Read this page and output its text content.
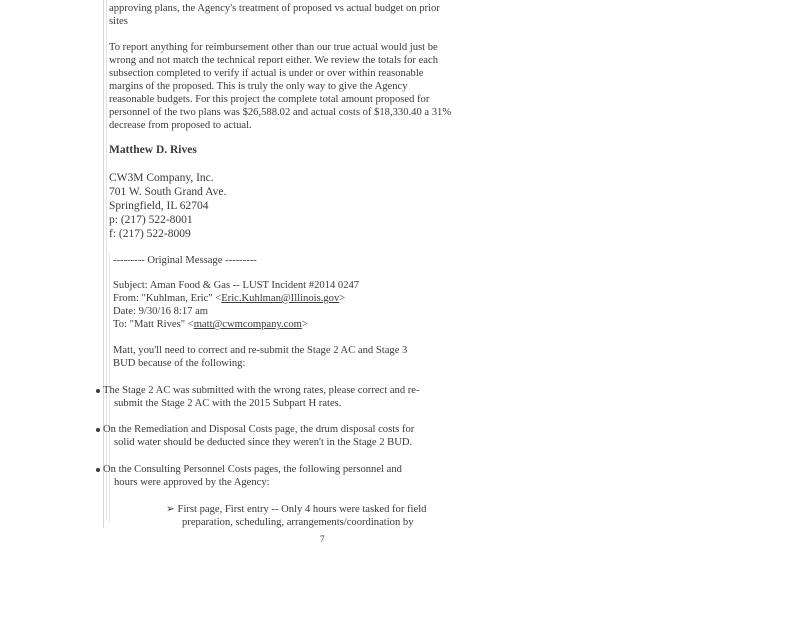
approving plans, the Agency's treatment of proposed vs actual budget on prior
sites
To report anything for reimbursement other than our true actual would just be
wrong and not match the technical report either. We review the totals for each
subsection completed to verify if actual is under or over within reasonable
margins of the proposed. This is truly the only way to give the Agency
reasonable budgets. For this project the complete total amount proposed for
personnel of the two plans was $26,588.02 and actual costs of $18,330.40 a 31%
decrease from proposed to actual.
Matthew D. Rives
CW3M Company, Inc.
701 W. South Grand Ave.
Springfield, IL 62704
p: (217) 522-8001
f: (217) 522-8009
--------- Original Message ---------
Subject: Aman Food & Gas -- LUST Incident #2014 0247
From: "Kuhlman, Eric" <Eric.Kuhlman@Illinois.gov>
Date: 9/30/16 8:17 am
To: "Matt Rives" <matt@cwmcompany.com>
Matt, you'll need to correct and re-submit the Stage 2 AC and Stage 3
BUD because of the following:
The Stage 2 AC was submitted with the wrong rates, please correct and re-
submit the Stage 2 AC with the 2015 Subpart H rates.
On the Remediation and Disposal Costs page, the drum disposal costs for
solid water should be deducted since they weren't in the Stage 2 BUD.
On the Consulting Personnel Costs pages, the following personnel and
hours were approved by the Agency:
➢ First page, First entry -- Only 4 hours were tasked for field
preparation, scheduling, arrangements/coordination by
7
